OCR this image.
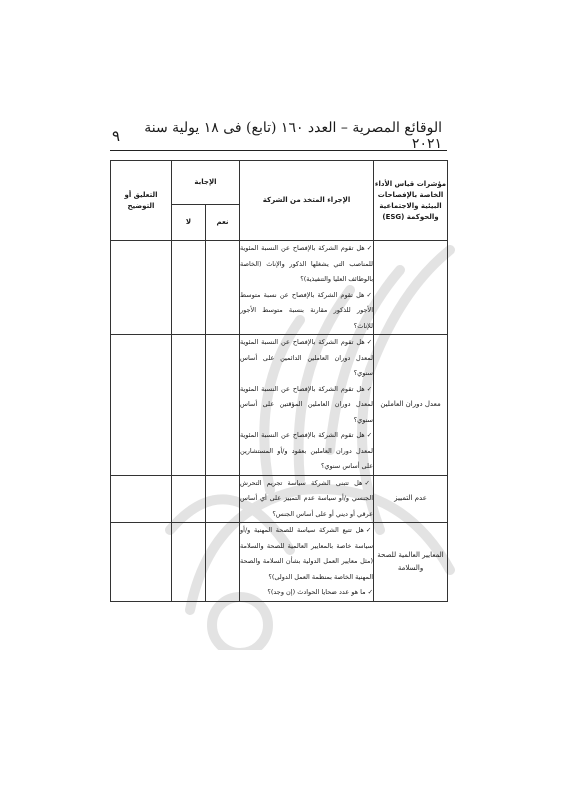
الوقائع المصرية – العدد ١٦٠ (تابع) فى ١٨ يولية سنة ٢٠٢١
٩
مؤشرات قياس الأداء الخاصة بالإفصاحات البيئية والاجتماعية والحوكمة (ESG)	الإجراء المتخذ من الشركة	الإجابة		التعليق أو التوضيح
		نعم	لا	

	✓هل تقوم الشركة بالإفصاح عن النسبة المئوية للمناصب التي يشغلها الذكور والإناث (الخاصة بالوظائف العليا والتنفيذية)؟
✓هل تقوم الشركة بالإفصاح عن نسبة متوسط الأجور للذكور مقارنة بنسبة متوسط الأجور للإناث؟			

معدل دوران العاملين	✓هل تقوم الشركة بالإفصاح عن النسبة المئوية لمعدل دوران العاملين الدائمين على أساس سنوي؟
✓هل تقوم الشركة بالإفصاح عن النسبة المئوية لمعدل دوران العاملين المؤقتين على أساس سنوي؟
✓هل تقوم الشركة بالإفصاح عن النسبة المئوية لمعدل دوران العاملين بعقود و/أو المستشارين على أساس سنوي؟			

عدم التمييز	✓هل تتبنى الشركة سياسة تجريم التحرش الجنسي و/أو سياسة عدم التمييز على أي أساس عرقي أو ديني أو على أساس الجنس؟			

المعايير العالمية للصحة والسلامة	✓هل تتبع الشركة سياسة للصحة المهنية و/أو سياسة خاصة بالمعايير العالمية للصحة والسلامة (مثل معايير العمل الدولية بشأن السلامة والصحة المهنية الخاصة بمنظمة العمل الدولى)؟
✓ما هو عدد ضحايا الحوادث (إن وجد)؟			
